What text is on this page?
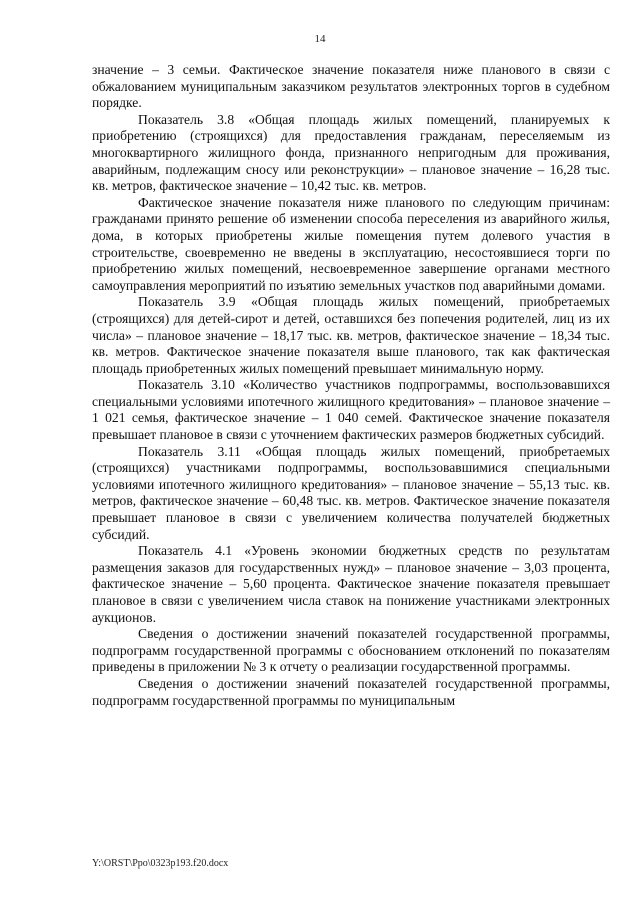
14

значение – 3 семьи. Фактическое значение показателя ниже планового в связи с обжалованием муниципальным заказчиком результатов электронных торгов в судебном порядке.

Показатель 3.8 «Общая площадь жилых помещений, планируемых к приобретению (строящихся) для предоставления гражданам, переселяемым из многоквартирного жилищного фонда, признанного непригодным для проживания, аварийным, подлежащим сносу или реконструкции» – плановое значение – 16,28 тыс. кв. метров, фактическое значение – 10,42 тыс. кв. метров.

Фактическое значение показателя ниже планового по следующим причинам: гражданами принято решение об изменении способа переселения из аварийного жилья, дома, в которых приобретены жилые помещения путем долевого участия в строительстве, своевременно не введены в эксплуатацию, несостоявшиеся торги по приобретению жилых помещений, несвоевременное завершение органами местного самоуправления мероприятий по изъятию земельных участков под аварийными домами.

Показатель 3.9 «Общая площадь жилых помещений, приобретаемых (строящихся) для детей-сирот и детей, оставшихся без попечения родителей, лиц из их числа» – плановое значение – 18,17 тыс. кв. метров, фактическое значение – 18,34 тыс. кв. метров. Фактическое значение показателя выше планового, так как фактическая площадь приобретенных жилых помещений превышает минимальную норму.

Показатель 3.10 «Количество участников подпрограммы, воспользовавшихся специальными условиями ипотечного жилищного кредитования» – плановое значение – 1 021 семья, фактическое значение – 1 040 семей. Фактическое значение показателя превышает плановое в связи с уточнением фактических размеров бюджетных субсидий.

Показатель 3.11 «Общая площадь жилых помещений, приобретаемых (строящихся) участниками подпрограммы, воспользовавшимися специальными условиями ипотечного жилищного кредитования» – плановое значение – 55,13 тыс. кв. метров, фактическое значение – 60,48 тыс. кв. метров. Фактическое значение показателя превышает плановое в связи с увеличением количества получателей бюджетных субсидий.

Показатель 4.1 «Уровень экономии бюджетных средств по результатам размещения заказов для государственных нужд» – плановое значение – 3,03 процента, фактическое значение – 5,60 процента. Фактическое значение показателя превышает плановое в связи с увеличением числа ставок на понижение участниками электронных аукционов.

Сведения о достижении значений показателей государственной программы, подпрограмм государственной программы с обоснованием отклонений по показателям приведены в приложении № 3 к отчету о реализации государственной программы.

Сведения о достижении значений показателей государственной программы, подпрограмм государственной программы по муниципальным

Y:\ORST\Ppo\0323p193.f20.docx
